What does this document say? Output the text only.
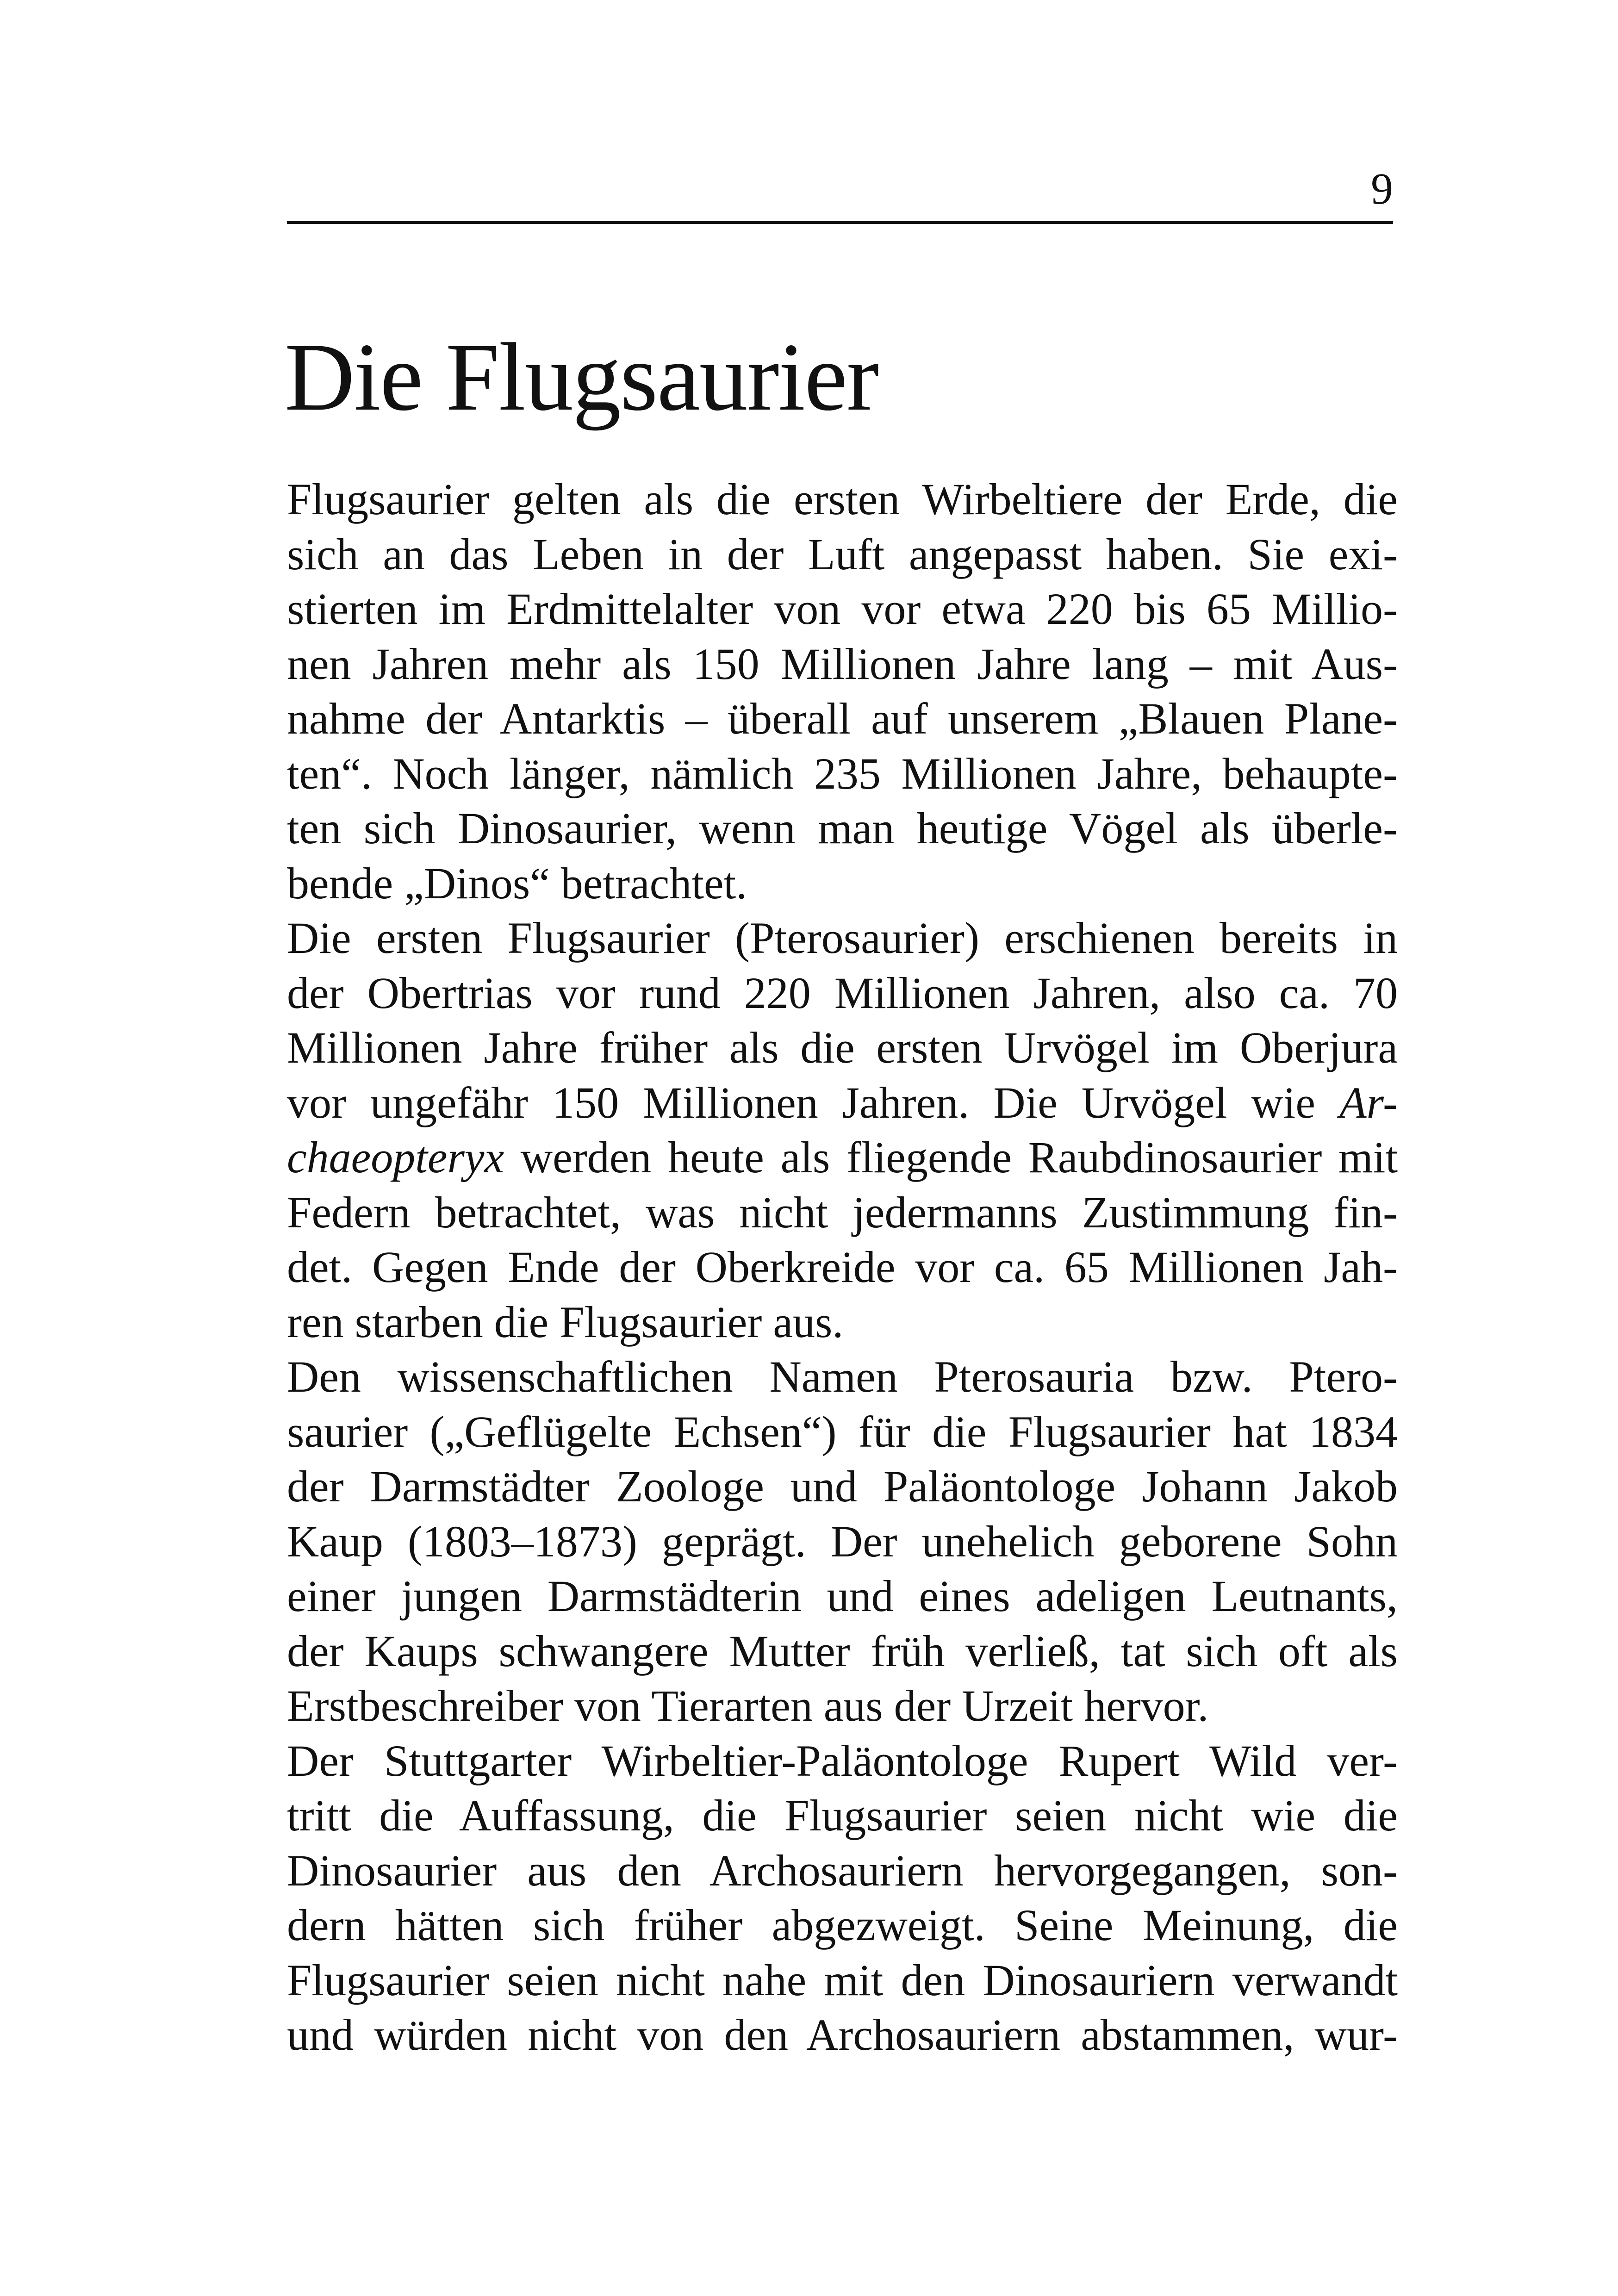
9
Die Flugsaurier
Flugsaurier gelten als die ersten Wirbeltiere der Erde, die
sich an das Leben in der Luft angepasst haben. Sie exi-
stierten im Erdmittelalter von vor etwa 220 bis 65 Millio-
nen Jahren mehr als 150 Millionen Jahre lang – mit Aus-
nahme der Antarktis – überall auf unserem „Blauen Plane-
ten“. Noch länger, nämlich 235 Millionen Jahre, behaupte-
ten sich Dinosaurier, wenn man heutige Vögel als überle-
bende „Dinos“ betrachtet.
Die ersten Flugsaurier (Pterosaurier) erschienen bereits in
der Obertrias vor rund 220 Millionen Jahren, also ca. 70
Millionen Jahre früher als die ersten Urvögel im Oberjura
vor ungefähr 150 Millionen Jahren. Die Urvögel wie Ar-
chaeopteryx werden heute als fliegende Raubdinosaurier mit
Federn betrachtet, was nicht jedermanns Zustimmung fin-
det. Gegen Ende der Oberkreide vor ca. 65 Millionen Jah-
ren starben die Flugsaurier aus.
Den wissenschaftlichen Namen Pterosauria bzw. Ptero-
saurier („Geflügelte Echsen“) für die Flugsaurier hat 1834
der Darmstädter Zoologe und Paläontologe Johann Jakob
Kaup (1803–1873) geprägt. Der unehelich geborene Sohn
einer jungen Darmstädterin und eines adeligen Leutnants,
der Kaups schwangere Mutter früh verließ, tat sich oft als
Erstbeschreiber von Tierarten aus der Urzeit hervor.
Der Stuttgarter Wirbeltier-Paläontologe Rupert Wild ver-
tritt die Auffassung, die Flugsaurier seien nicht wie die
Dinosaurier aus den Archosauriern hervorgegangen, son-
dern hätten sich früher abgezweigt. Seine Meinung, die
Flugsaurier seien nicht nahe mit den Dinosauriern verwandt
und würden nicht von den Archosauriern abstammen, wur-
